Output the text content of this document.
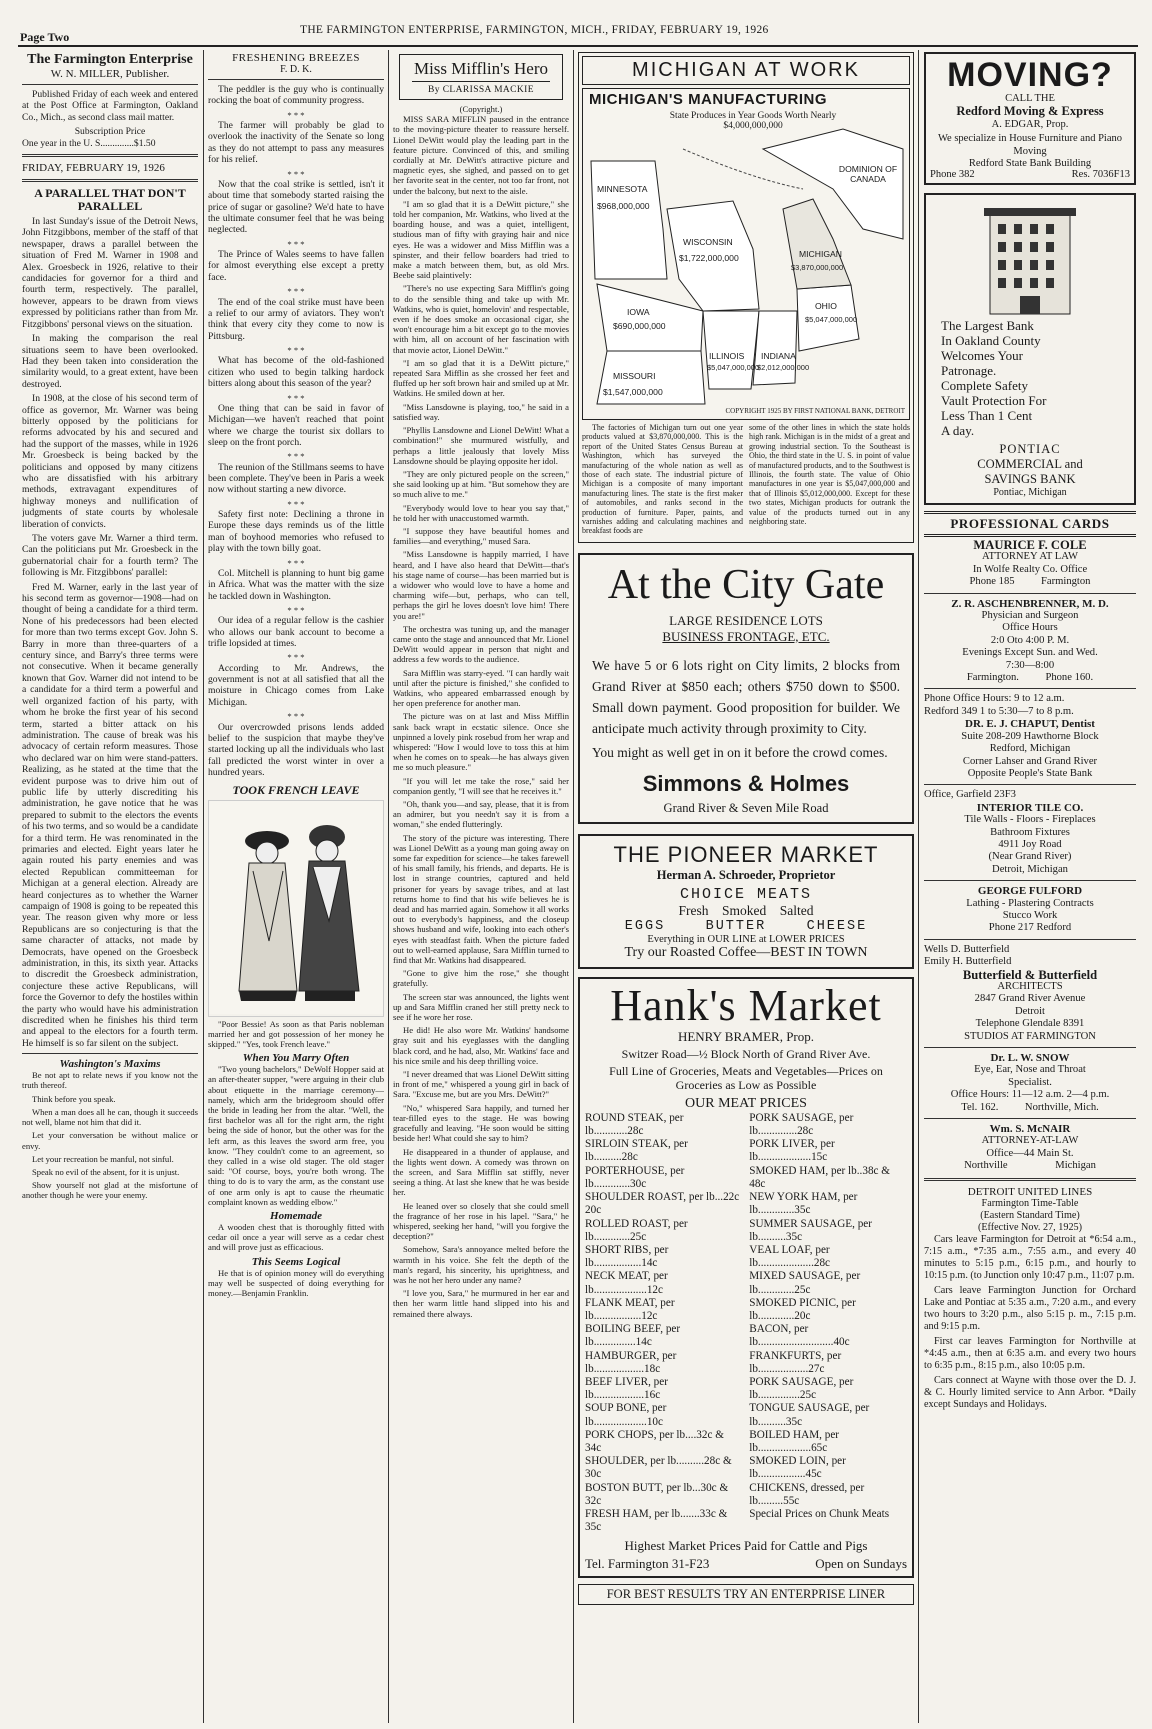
Page Two	THE FARMINGTON ENTERPRISE, FARMINGTON, MICH., FRIDAY, FEBRUARY 19, 1926
The Farmington Enterprise
W. N. MILLER, Publisher.

Published Friday of each week and entered at the Post Office at Farmington, Oakland Co., Mich., as second class mail matter.

Subscription Price
One year in the U. S..............$1.50
FRIDAY, FEBRUARY 19, 1926
A PARALLEL THAT DON'T PARALLEL

In last Sunday's issue of the Detroit News, John Fitzgibbons, member of the staff of that newspaper, draws a parallel between the situation of Fred M. Warner in 1908 and Alex. Groesbeck in 1926, relative to their candidacies for governor for a third and fourth term, respectively. The parallel, however, appears to be drawn from views expressed by politicians rather than from Mr. Fitzgibbons' personal views on the situation.

In making the comparison the real situations seem to have been overlooked. Had they been taken into consideration the similarity would, to a great extent, have been destroyed.

In 1908, at the close of his second term of office as governor, Mr. Warner was being bitterly opposed by the politicians for reforms advocated by his and secured and had the support of the masses, while in 1926 Mr. Groesbeck is being backed by the politicians and opposed by many citizens who are dissatisfied with his arbitrary methods, extravagant expenditures of highway moneys and nullification of judgments of state courts by wholesale liberation of convicts.

The voters gave Mr. Warner a third term. Can the politicians put Mr. Groesbeck in the gubernatorial chair for a fourth term? The following is Mr. Fitzgibbons' parallel:

Fred M. Warner, early in the last year of his second term as governor—1908—had on thought of being a candidate for a third term. None of his predecessors had been elected for more than two terms except Gov. John S. Barry in more than three-quarters of a century since, and Barry's three terms were not consecutive. When it became generally known that Gov. Warner did not intend to be a candidate for a third term a powerful and well organized faction of his party, with whom he broke the first year of his second term, started a bitter attack on his administration. The cause of break was his advocacy of certain reform measures. Those who declared war on him were stand-patters. Realizing, as he stated at the time that the evident purpose was to drive him out of public life by utterly discrediting his administration, he gave notice that he was prepared to submit to the electors the events of his two terms, and so would be a candidate for a third term. He was renominated in the primaries and elected. Eight years later he again routed his party enemies and was elected Republican committeeman for Michigan at a general election. Already are heard conjectures as to whether the Warner campaign of 1908 is going to be repeated this year. The reason given why more or less Republicans are so conjecturing is that the same character of attacks, not made by Democrats, have opened on the Groesbeck administration, in this, its sixth year. Attacks to discredit the Groesbeck administration, conjecture these active Republicans, will force the Governor to defy the hostiles within the party who would have his administration discredited when he finishes his third term and appeal to the electors for a fourth term. He himself is so far silent on the subject.

Washington's Maxims

Be not apt to relate news if you know not the truth thereof.

Think before you speak.

When a man does all he can, though it succeeds not well, blame not him that did it.

Let your conversation be without malice or envy.

Let your recreation be manful, not sinful.

Speak no evil of the absent, for it is unjust.

Show yourself not glad at the misfortune of another though he were your enemy.

FRESHENING BREEZES
F. D. K.

The peddler is the guy who is continually rocking the boat of community progress.

* * *

The farmer will probably be glad to overlook the inactivity of the Senate so long as they do not attempt to pass any measures for his relief.

* * *

Now that the coal strike is settled, isn't it about time that somebody started raising the price of sugar or gasoline? We'd hate to have the ultimate consumer feel that he was being neglected.

* * *

The Prince of Wales seems to have fallen for almost everything else except a pretty face.

* * *

The end of the coal strike must have been a relief to our army of aviators. They won't think that every city they come to now is Pittsburg.

* * *

What has become of the old-fashioned citizen who used to begin talking hardock bitters along about this season of the year?

* * *

One thing that can be said in favor of Michigan—we haven't reached that point where we charge the tourist six dollars to sleep on the front porch.

* * *

The reunion of the Stillmans seems to have been complete. They've been in Paris a week now without starting a new divorce.

* * *

Safety first note: Declining a throne in Europe these days reminds us of the little man of boyhood memories who refused to play with the town billy goat.

* * *

Col. Mitchell is planning to hunt big game in Africa. What was the matter with the size he tackled down in Washington.

* * *

Our idea of a regular fellow is the cashier who allows our bank account to become a trifle lopsided at times.

* * *

According to Mr. Andrews, the government is not at all satisfied that all the moisture in Chicago comes from Lake Michigan.

* * *

Our overcrowded prisons lends added belief to the suspicion that maybe they've started locking up all the individuals who last fall predicted the worst winter in over a hundred years.

TOOK FRENCH LEAVE

"Poor Bessie! As soon as that Paris nobleman married her and got possession of her money he skipped." "Yes, took French leave."

When You Marry Often

"Two young bachelors," DeWolf Hopper said at an after-theater supper, "were arguing in their club about etiquette in the marriage ceremony—namely, which arm the bridegroom should offer the bride in leading her from the altar. "Well, the first bachelor was all for the right arm, the right being the side of honor, but the other was for the left arm, as this leaves the sword arm free, you know. "They couldn't come to an agreement, so they called in a wise old stager. The old stager said: "Of course, boys, you're both wrong. The thing to do is to vary the arm, as the constant use of one arm only is apt to cause the rheumatic complaint known as wedding elbow."

Homemade

A wooden chest that is thoroughly fitted with cedar oil once a year will serve as a cedar chest and will prove just as efficacious.

This Seems Logical

He that is of opinion money will do everything may well be suspected of doing everything for money.—Benjamin Franklin.

Miss Mifflin's Hero
By CLARISSA MACKIE
(Copyright.)

MISS SARA MIFFLIN paused in the entrance to the moving-picture theater to reassure herself. Lionel DeWitt would play the leading part in the feature picture. Convinced of this, and smiling cordially at Mr. DeWitt's attractive picture and magnetic eyes, she sighed, and passed on to get her favorite seat in the center, not too far front, not under the balcony, but next to the aisle.

"I am so glad that it is a DeWitt picture," she told her companion, Mr. Watkins, who lived at the boarding house, and was a quiet, intelligent, studious man of fifty with graying hair and nice eyes. He was a widower and Miss Mifflin was a spinster, and their fellow boarders had tried to make a match between them, but, as old Mrs. Beebe said plaintively:

"There's no use expecting Sara Mifflin's going to do the sensible thing and take up with Mr. Watkins, who is quiet, homelovin' and respectable, even if he does smoke an occasional cigar, she won't encourage him a bit except go to the movies with him, all on account of her fascination with that movie actor, Lionel DeWitt."

"I am so glad that it is a DeWitt picture," repeated Sara Mifflin as she crossed her feet and fluffed up her soft brown hair and smiled up at Mr. Watkins. He smiled down at her.

"Miss Lansdowne is playing, too," he said in a satisfied way.

"Phyllis Lansdowne and Lionel DeWitt! What a combination!" she murmured wistfully, and perhaps a little jealously that lovely Miss Lansdowne should be playing opposite her idol.

"They are only pictured people on the screen," she said looking up at him. "But somehow they are so much alive to me."

"Everybody would love to hear you say that," he told her with unaccustomed warmth.

"I suppose they have beautiful homes and families—and everything," mused Sara.

"Miss Lansdowne is happily married, I have heard, and I have also heard that DeWitt—that's his stage name of course—has been married but is a widower who would love to have a home and charming wife—but, perhaps, who can tell, perhaps the girl he loves doesn't love him! There you are!"

The orchestra was tuning up, and the manager came onto the stage and announced that Mr. Lionel DeWitt would appear in person that night and address a few words to the audience.

Sara Mifflin was starry-eyed. "I can hardly wait until after the picture is finished," she confided to Watkins, who appeared embarrassed enough by her open preference for another man.

The picture was on at last and Miss Mifflin sank back wrapt in ecstatic silence. Once she unpinned a lovely pink rosebud from her wrap and whispered: "How I would love to toss this at him when he comes on to speak—he has always given me so much pleasure."

"If you will let me take the rose," said her companion gently, "I will see that he receives it."

"Oh, thank you—and say, please, that it is from an admirer, but you needn't say it is from a woman," she ended flutteringly.

The story of the picture was interesting. There was Lionel DeWitt as a young man going away on some far expedition for science—he takes farewell of his small family, his friends, and departs. He is lost in strange countries, captured and held prisoner for years by savage tribes, and at last returns home to find that his wife believes he is dead and has married again. Somehow it all works out to everybody's happiness, and the closeup shows husband and wife, looking into each other's eyes with steadfast faith. When the picture faded out to well-earned applause, Sara Mifflin turned to find that Mr. Watkins had disappeared.

"Gone to give him the rose," she thought gratefully.

The screen star was announced, the lights went up and Sara Mifflin craned her still pretty neck to see if he wore her rose.

He did! He also wore Mr. Watkins' handsome gray suit and his eyeglasses with the dangling black cord, and he had, also, Mr. Watkins' face and his nice smile and his deep thrilling voice.

"I never dreamed that was Lionel DeWitt sitting in front of me," whispered a young girl in back of Sara. "Excuse me, but are you Mrs. DeWitt?"

"No," whispered Sara happily, and turned her tear-filled eyes to the stage. He was bowing gracefully and leaving. "He soon would be sitting beside her! What could she say to him?

He disappeared in a thunder of applause, and the lights went down. A comedy was thrown on the screen, and Sara Mifflin sat stiffly, never seeing a thing. At last she knew that he was beside her.

He leaned over so closely that she could smell the fragrance of her rose in his lapel. "Sara," he whispered, seeking her hand, "will you forgive the deception?"

Somehow, Sara's annoyance melted before the warmth in his voice. She felt the depth of the man's regard, his sincerity, his uprightness, and was he not her hero under any name?

"I love you, Sara," he murmured in her ear and then her warm little hand slipped into his and remained there always.

MICHIGAN AT WORK
MICHIGAN'S MANUFACTURING
State Produces in Year Goods Worth Nearly $4,000,000,000
MINNESOTA
$968,000,000
WISCONSIN
$1,722,000,000
IOWA
$690,000,000
MISSOURI
$1,547,000,000
ILLINOIS
$5,047,000,000
INDIANA
$2,012,000,000
OHIO
$5,047,000,000
MICHIGAN
$3,870,000,000
DOMINION OF CANADA
COPYRIGHT 1925 BY FIRST NATIONAL BANK, DETROIT

The factories of Michigan turn out one year products valued at $3,870,000,000. This is the report of the United States Census Bureau at Washington, which has surveyed the manufacturing of the whole nation as well as those of each state. The industrial picture of Michigan is a composite of many important manufacturing lines. The state is the first maker of automobiles, and ranks second in the production of furniture. Paper, paints, and varnishes adding and calculating machines and breakfast foods are

some of the other lines in which the state holds high rank. Michigan is in the midst of a great and growing industrial section. To the Southeast is Ohio, the third state in the U. S. in point of value of manufactured products, and to the Southwest is Illinois, the fourth state. The value of Ohio manufactures in one year is $5,047,000,000 and that of Illinois $5,012,000,000. Except for these two states, Michigan products for outrank the value of the products turned out in any neighboring state.

At the City Gate
LARGE RESIDENCE LOTS
BUSINESS FRONTAGE, ETC.

We have 5 or 6 lots right on City limits, 2 blocks from Grand River at $850 each; others $750 down to $500. Small down payment. Good proposition for builder. We anticipate much activity through proximity to City.

You might as well get in on it before the crowd comes.

Simmons & Holmes
Grand River & Seven Mile Road
THE PIONEER MARKET
Herman A. Schroeder, Proprietor
CHOICE MEATS
Fresh    Smoked    Salted
EGGS    BUTTER    CHEESE
Everything in OUR LINE at LOWER PRICES
Try our Roasted Coffee—BEST IN TOWN
Hank's Market
HENRY BRAMER, Prop.
Switzer Road—½ Block North of Grand River Ave.
Full Line of Groceries, Meats and Vegetables—Prices on Groceries as Low as Possible
OUR MEAT PRICES
ROUND STEAK, per lb............28c
SIRLOIN STEAK, per lb..........28c
PORTERHOUSE, per lb.............30c
SHOULDER ROAST, per lb...22c 20c
ROLLED ROAST, per lb.............25c
SHORT RIBS, per lb.................14c
NECK MEAT, per lb...................12c
FLANK MEAT, per lb.................12c
BOILING BEEF, per lb...............14c
HAMBURGER, per lb..................18c
BEEF LIVER, per lb..................16c
SOUP BONE, per lb...................10c
PORK CHOPS, per lb....32c & 34c
SHOULDER, per lb..........28c & 30c
BOSTON BUTT, per lb...30c & 32c
FRESH HAM, per lb.......33c & 35c
PORK SAUSAGE, per lb..............28c
PORK LIVER, per lb...................15c
SMOKED HAM, per lb..38c & 48c
NEW YORK HAM, per lb.............35c
SUMMER SAUSAGE, per lb..........35c
VEAL LOAF, per lb....................28c
MIXED SAUSAGE, per lb.............25c
SMOKED PICNIC, per lb.............20c
BACON, per lb...........................40c
FRANKFURTS, per lb..................27c
PORK SAUSAGE, per lb...............25c
TONGUE SAUSAGE, per lb..........35c
BOILED HAM, per lb...................65c
SMOKED LOIN, per lb.................45c
CHICKENS, dressed, per lb.........55c
Special Prices on Chunk Meats
Highest Market Prices Paid for Cattle and Pigs
Tel. Farmington 31-F23	Open on Sundays
FOR BEST RESULTS TRY AN ENTERPRISE LINER
MOVING?
CALL THE
Redford Moving & Express
A. EDGAR, Prop.
We specialize in House Furniture and Piano Moving
Redford State Bank Building
Phone 382	Res. 7036F13
The Largest Bank
In Oakland County
Welcomes Your
Patronage.
Complete Safety
Vault Protection For
Less Than 1 Cent
A day.
PONTIAC
COMMERCIAL and
SAVINGS BANK
Pontiac, Michigan
PROFESSIONAL CARDS
MAURICE F. COLE
ATTORNEY AT LAW
In Wolfe Realty Co. Office
Phone 185          Farmington
Z. R. ASCHENBRENNER, M. D.
Physician and Surgeon
Office Hours
2:0 Oto 4:00 P. M.
Evenings Except Sun. and Wed.
7:30—8:00
Farmington.          Phone 160.
Phone Office Hours: 9 to 12 a.m.
Redford 349 1 to 5:30—7 to 8 p.m.
DR. E. J. CHAPUT, Dentist
Suite 208-209 Hawthorne Block
Redford, Michigan
Corner Lahser and Grand River
Opposite People's State Bank
Office, Garfield 23F3
INTERIOR TILE CO.
Tile Walls - Floors - Fireplaces
Bathroom Fixtures
4911 Joy Road
(Near Grand River)
Detroit, Michigan
GEORGE FULFORD
Lathing - Plastering Contracts
Stucco Work
Phone 217 Redford
Wells D. Butterfield
Emily H. Butterfield
Butterfield & Butterfield
ARCHITECTS
2847 Grand River Avenue
Detroit
Telephone Glendale 8391
STUDIOS AT FARMINGTON
Dr. L. W. SNOW
Eye, Ear, Nose and Throat
Specialist.
Office Hours: 11—12 a.m. 2—4 p.m.
Tel. 162.          Northville, Mich.
Wm. S. McNAIR
ATTORNEY-AT-LAW
Office—44 Main St.
Northville                  Michigan
DETROIT UNITED LINES
Farmington Time-Table
(Eastern Standard Time)
(Effective Nov. 27, 1925)

Cars leave Farmington for Detroit at *6:54 a.m., 7:15 a.m., *7:35 a.m., 7:55 a.m., and every 40 minutes to 5:15 p.m., 6:15 p.m., and hourly to 10:15 p.m. (to Junction only 10:47 p.m., 11:07 p.m.

Cars leave Farmington Junction for Orchard Lake and Pontiac at 5:35 a.m., 7:20 a.m., and every two hours to 3:20 p.m., also 5:15 p. m., 7:15 p.m. and 9:15 p.m.

First car leaves Farmington for Northville at *4:45 a.m., then at 6:35 a.m. and every two hours to 6:35 p.m., 8:15 p.m., also 10:05 p.m.

Cars connect at Wayne with those over the D. J. & C. Hourly limited service to Ann Arbor. *Daily except Sundays and Holidays.
